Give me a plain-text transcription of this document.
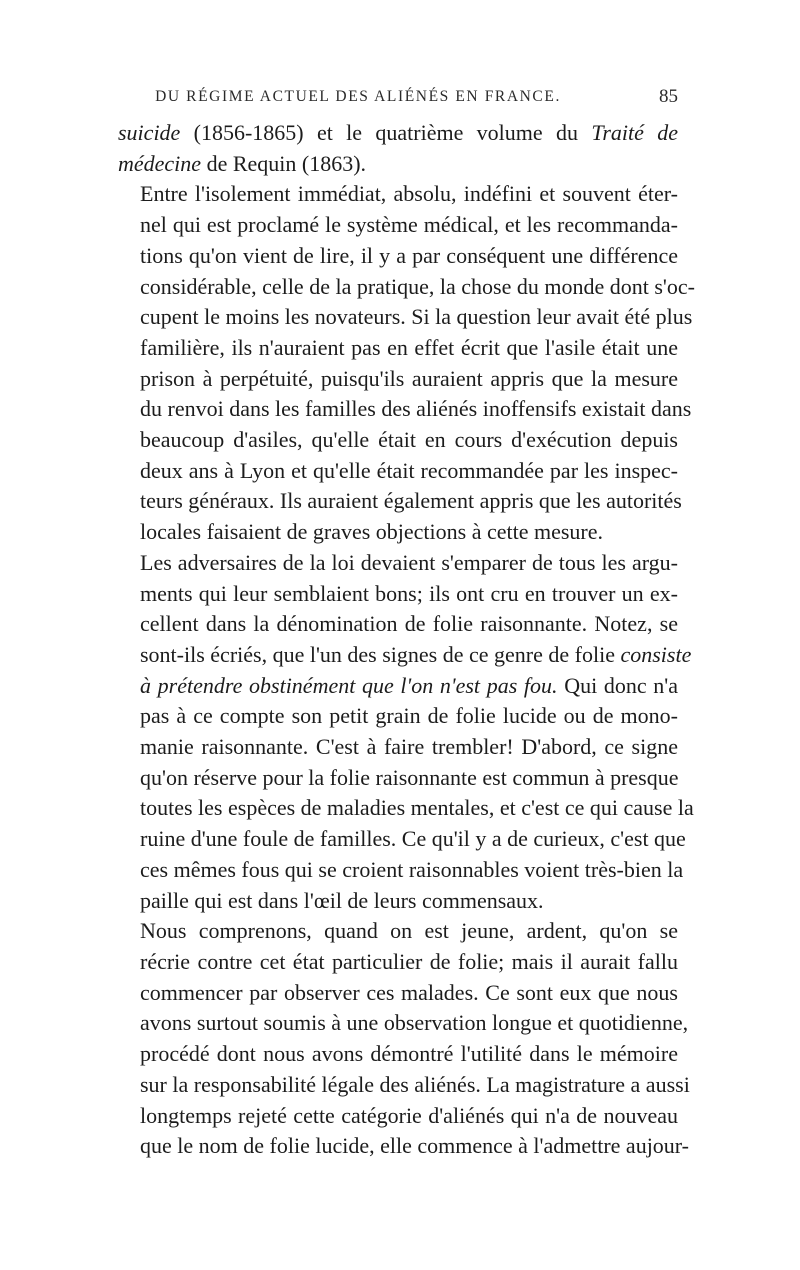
DU RÉGIME ACTUEL DES ALIÉNÉS EN FRANCE.	85

suicide (1856-1865) et le quatrième volume du Traité de
médecine de Requin (1863).

Entre l'isolement immédiat, absolu, indéfini et souvent éter-
nel qui est proclamé le système médical, et les recommanda-
tions qu'on vient de lire, il y a par conséquent une différence
considérable, celle de la pratique, la chose du monde dont s'oc-
cupent le moins les novateurs. Si la question leur avait été plus
familière, ils n'auraient pas en effet écrit que l'asile était une
prison à perpétuité, puisqu'ils auraient appris que la mesure
du renvoi dans les familles des aliénés inoffensifs existait dans
beaucoup d'asiles, qu'elle était en cours d'exécution depuis
deux ans à Lyon et qu'elle était recommandée par les inspec-
teurs généraux. Ils auraient également appris que les autorités
locales faisaient de graves objections à cette mesure.

Les adversaires de la loi devaient s'emparer de tous les argu-
ments qui leur semblaient bons; ils ont cru en trouver un ex-
cellent dans la dénomination de folie raisonnante. Notez, se
sont-ils écriés, que l'un des signes de ce genre de folie consiste
à prétendre obstinément que l'on n'est pas fou. Qui donc n'a
pas à ce compte son petit grain de folie lucide ou de mono-
manie raisonnante. C'est à faire trembler! D'abord, ce signe
qu'on réserve pour la folie raisonnante est commun à presque
toutes les espèces de maladies mentales, et c'est ce qui cause la
ruine d'une foule de familles. Ce qu'il y a de curieux, c'est que
ces mêmes fous qui se croient raisonnables voient très-bien la
paille qui est dans l'œil de leurs commensaux.

Nous comprenons, quand on est jeune, ardent, qu'on se
récrie contre cet état particulier de folie; mais il aurait fallu
commencer par observer ces malades. Ce sont eux que nous
avons surtout soumis à une observation longue et quotidienne,
procédé dont nous avons démontré l'utilité dans le mémoire
sur la responsabilité légale des aliénés. La magistrature a aussi
longtemps rejeté cette catégorie d'aliénés qui n'a de nouveau
que le nom de folie lucide, elle commence à l'admettre aujour-
